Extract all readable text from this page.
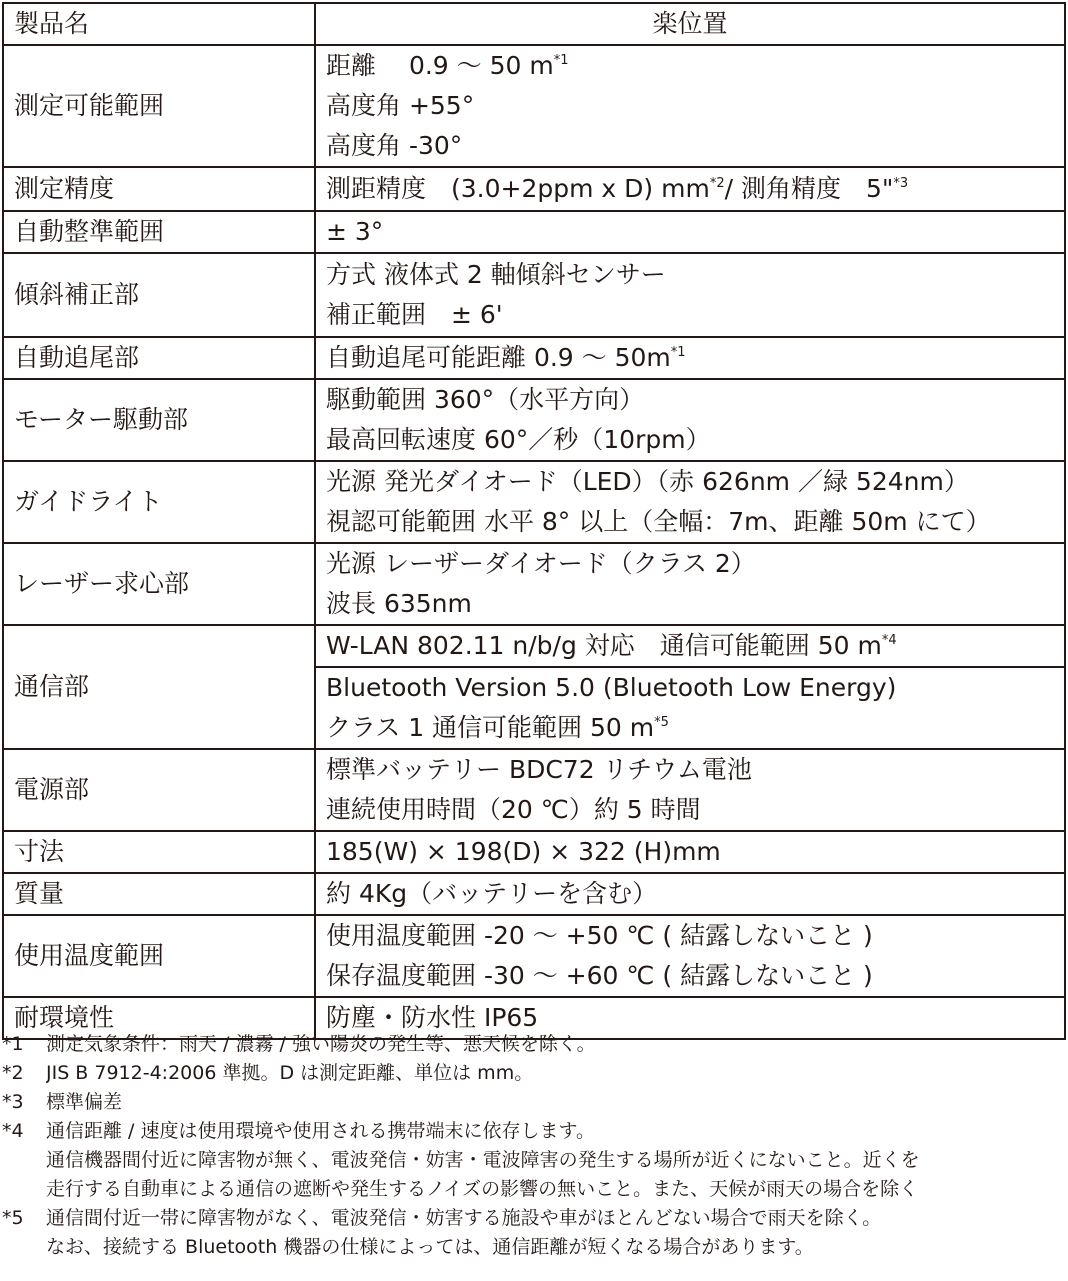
製品名	楽位置
測定可能範囲	距離　 0.9 ～ 50 $m^{*1}$
高度角 +55°
高度角 -30°

測定精度	測距精度　(3.0+2ppm x D) $mm^{*2}/$ 測角精度　5"$^{*3}$

自動整準範囲	± 3°

傾斜補正部	方式 液体式 2 軸傾斜センサー
補正範囲　± 6'

自動追尾部	自動追尾可能距離 0.9 ～ $50m^{*1}$

モーター駆動部	駆動範囲 360°（水平方向）
最高回転速度 60°／秒（10rpm）

ガイドライト	光源 発光ダイオード（LED）（赤 626nm ／緑 524nm）
視認可能範囲 水平 8° 以上（全幅：7m、距離 50m にて）

レーザー求心部	光源 レーザーダイオード（クラス 2）
波長 635nm

通信部	W-LAN 802.11 n/b/g 対応　通信可能範囲 50 $m^{*4}$

	Bluetooth Version 5.0 (Bluetooth Low Energy)
クラス 1 通信可能範囲 50 $m^{*5}$

電源部	標準バッテリー BDC72 リチウム電池
連続使用時間（20 ℃）約 5 時間

寸法	185(W) × 198(D) × 322 (H)mm

質量	約 4Kg（バッテリーを含む）

使用温度範囲	使用温度範囲 -20 ～ +50 ℃ ( 結露しないこと )
保存温度範囲 -30 ～ +60 ℃ ( 結露しないこと )

耐環境性	防塵・防水性 IP65
*1	測定気象条件：雨天 / 濃霧 / 強い陽炎の発生等、悪天候を除く。
*2	JIS B 7912-4:2006 準拠。D は測定距離、単位は mm。
*3	標準偏差
*4	通信距離 / 速度は使用環境や使用される携帯端末に依存します。
通信機器間付近に障害物が無く、電波発信・妨害・電波障害の発生する場所が近くにないこと。近くを
走行する自動車による通信の遮断や発生するノイズの影響の無いこと。また、天候が雨天の場合を除く
*5	通信間付近一帯に障害物がなく、電波発信・妨害する施設や車がほとんどない場合で雨天を除く。
なお、接続する Bluetooth 機器の仕様によっては、通信距離が短くなる場合があります。
